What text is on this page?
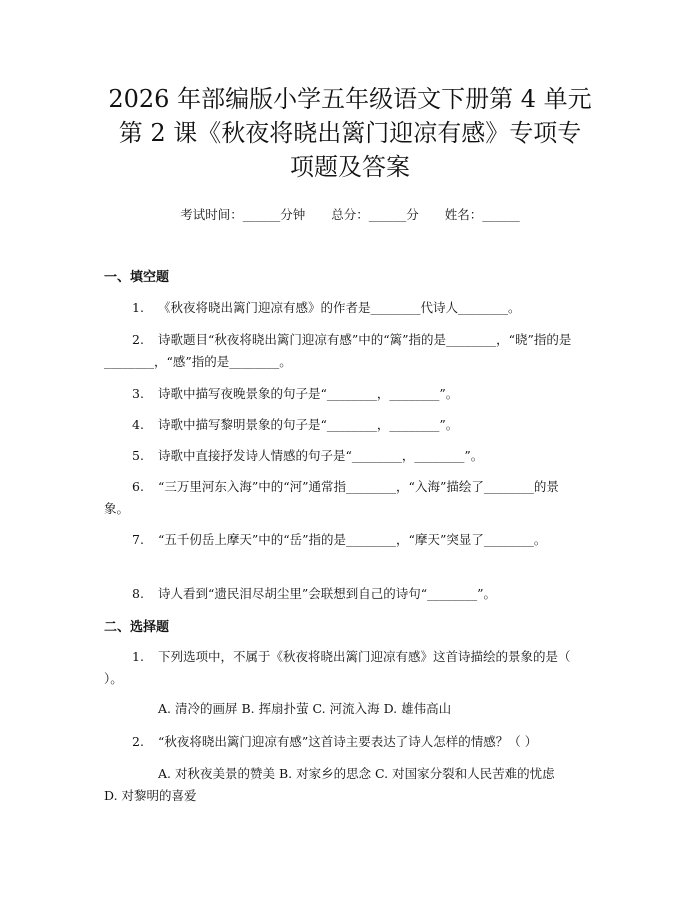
2026 年部编版小学五年级语文下册第 4 单元
第 2 课《秋夜将晓出篱门迎凉有感》专项专
项题及答案
考试时间：______分钟 总分：______分 姓名：______
一、填空题
1. 《秋夜将晓出篱门迎凉有感》的作者是________代诗人________。
2. 诗歌题目“秋夜将晓出篱门迎凉有感”中的“篱”指的是________，“晓”指的是________，“感”指的是________。
3. 诗歌中描写夜晚景象的句子是“________，________”。
4. 诗歌中描写黎明景象的句子是“________，________”。
5. 诗歌中直接抒发诗人情感的句子是“________，________”。
6. “三万里河东入海”中的“河”通常指________，“入海”描绘了________的景象。
7. “五千仞岳上摩天”中的“岳”指的是________，“摩天”突显了________。
8. 诗人看到“遗民泪尽胡尘里”会联想到自己的诗句“________”。
二、选择题
1. 下列选项中，不属于《秋夜将晓出篱门迎凉有感》这首诗描绘的景象的是（ ）。
A. 清冷的画屏 B. 挥扇扑萤 C. 河流入海 D. 雄伟高山
2. “秋夜将晓出篱门迎凉有感”这首诗主要表达了诗人怎样的情感？（ ）
A. 对秋夜美景的赞美 B. 对家乡的思念 C. 对国家分裂和人民苦难的忧虑 D. 对黎明的喜爱
